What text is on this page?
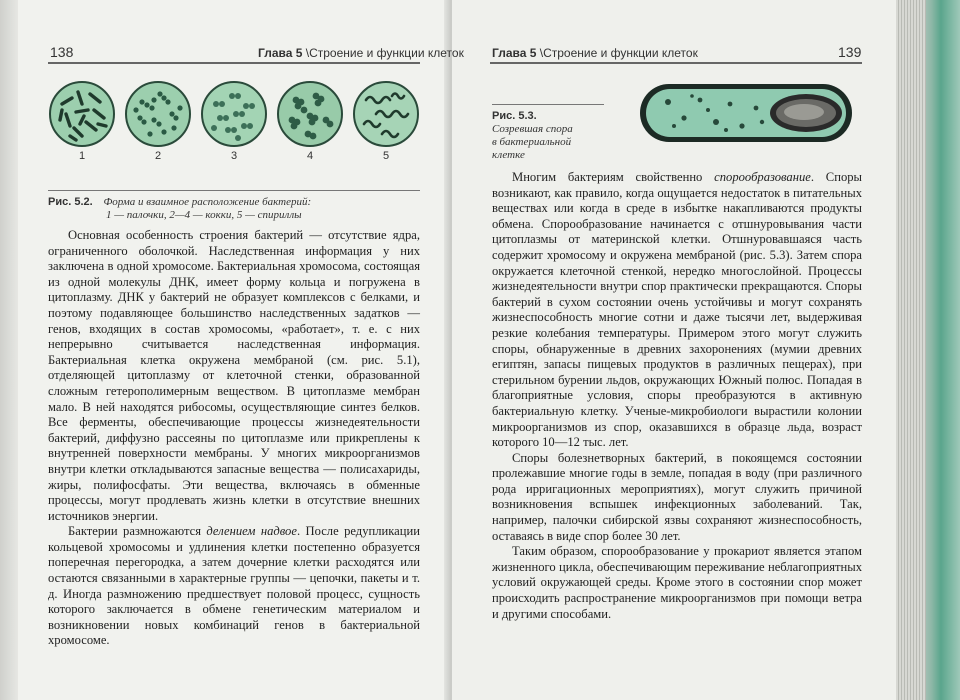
138	Глава 5 \Строение и функции клеток
1	2	3	4	5
Рис. 5.2. Форма и взаимное расположение бактерий:
1 — палочки, 2—4 — кокки, 5 — спириллы

Основная особенность строения бактерий — отсутствие ядра, ограниченного оболочкой. Наследственная информация у них заключена в одной хромосоме. Бактериальная хромосома, состоящая из одной молекулы ДНК, имеет форму кольца и погружена в цитоплазму. ДНК у бактерий не образует комплексов с белками, и поэтому подавляющее большинство наследственных задатков — генов, входящих в состав хромосомы, «работает», т. е. с них непрерывно считывается наследственная информация. Бактериальная клетка окружена мембраной (см. рис. 5.1), отделяющей цитоплазму от клеточной стенки, образованной сложным гетерополимерным веществом. В цитоплазме мембран мало. В ней находятся рибосомы, осуществляющие синтез белков. Все ферменты, обеспечивающие процессы жизнедеятельности бактерий, диффузно рассеяны по цитоплазме или прикреплены к внутренней поверхности мембраны. У многих микроорганизмов внутри клетки откладываются запасные вещества — полисахариды, жиры, полифосфаты. Эти вещества, включаясь в обменные процессы, могут продлевать жизнь клетки в отсутствие внешних источников энергии.

Бактерии размножаются делением надвое. После редупликации кольцевой хромосомы и удлинения клетки постепенно образуется поперечная перегородка, а затем дочерние клетки расходятся или остаются связанными в характерные группы — цепочки, пакеты и т. д. Иногда размножению предшествует половой процесс, сущность которого заключается в обмене генетическим материалом и возникновении новых комбинаций генов в бактериальной хромосоме.

Глава 5 \Строение и функции клеток	139
Рис. 5.3.
Созревшая спора
в бактериальной
клетке

Многим бактериям свойственно спорообразование. Споры возникают, как правило, когда ощущается недостаток в питательных веществах или когда в среде в избытке накапливаются продукты обмена. Спорообразование начинается с отшнуровывания части цитоплазмы от материнской клетки. Отшнуровавшаяся часть содержит хромосому и окружена мембраной (рис. 5.3). Затем спора окружается клеточной стенкой, нередко многослойной. Процессы жизнедеятельности внутри спор практически прекращаются. Споры бактерий в сухом состоянии очень устойчивы и могут сохранять жизнеспособность многие сотни и даже тысячи лет, выдерживая резкие колебания температуры. Примером этого могут служить споры, обнаруженные в древних захоронениях (мумии древних египтян, запасы пищевых продуктов в различных пещерах), при стерильном бурении льдов, окружающих Южный полюс. Попадая в благоприятные условия, споры преобразуются в активную бактериальную клетку. Ученые-микробиологи вырастили колонии микроорганизмов из спор, оказавшихся в образце льда, возраст которого 10—12 тыс. лет.

Споры болезнетворных бактерий, в покоящемся состоянии пролежавшие многие годы в земле, попадая в воду (при различного рода ирригационных мероприятиях), могут служить причиной возникновения вспышек инфекционных заболеваний. Так, например, палочки сибирской язвы сохраняют жизнеспособность, оставаясь в виде спор более 30 лет.

Таким образом, спорообразование у прокариот является этапом жизненного цикла, обеспечивающим переживание неблагоприятных условий окружающей среды. Кроме этого в состоянии спор может происходить распространение микроорганизмов при помощи ветра и другими способами.
